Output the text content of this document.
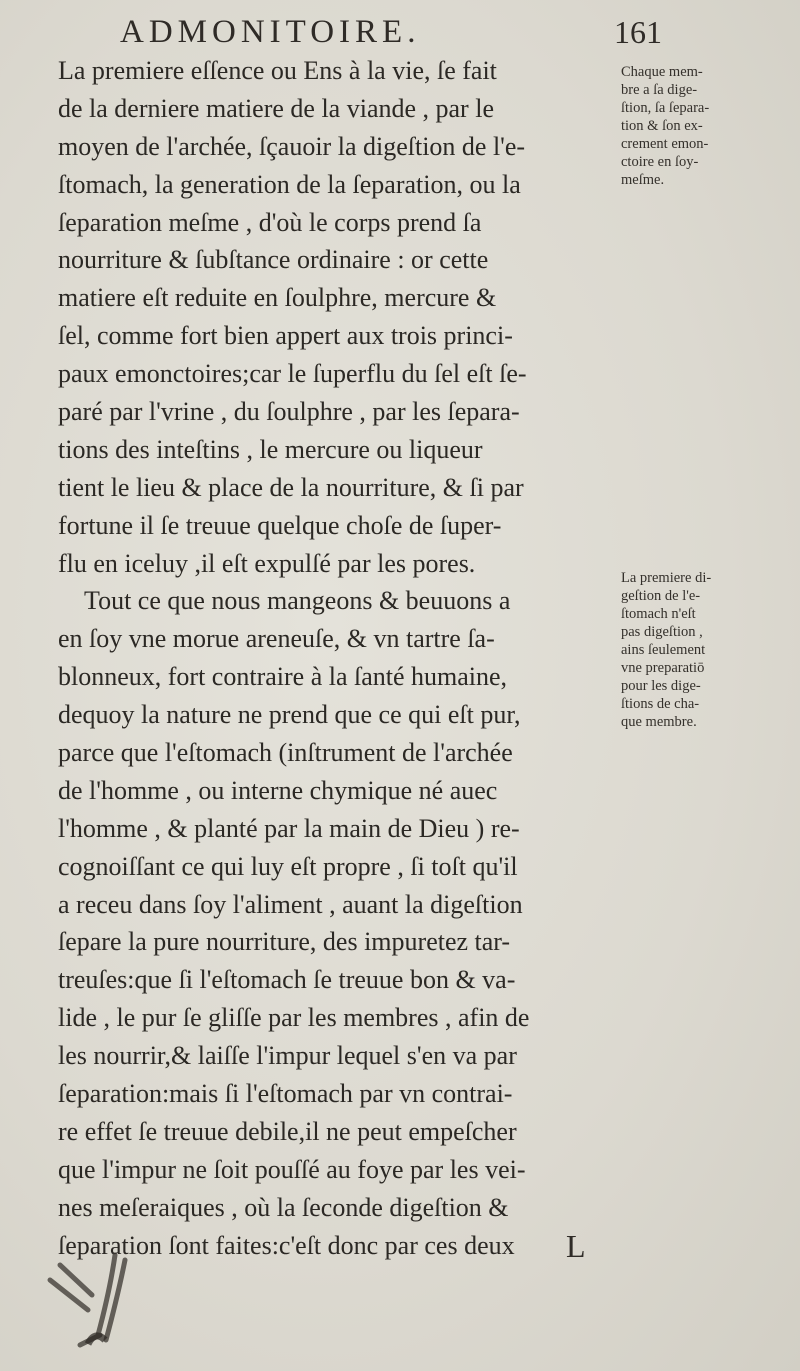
ADMONITOIRE.	161
La premiere eſſence ou Ens à la vie, ſe fait
de la derniere matiere de la viande , par le
moyen de l'archée, ſçauoir la digeſtion de l'e-
ſtomach, la generation de la ſeparation, ou la
ſeparation meſme , d'où le corps prend ſa
nourriture & ſubſtance ordinaire : or cette
matiere eſt reduite en ſoulphre, mercure &
ſel, comme fort bien appert aux trois princi-
paux emonctoires;car le ſuperflu du ſel eſt ſe-
paré par l'vrine , du ſoulphre , par les ſepara-
tions des inteſtins , le mercure ou liqueur
tient le lieu & place de la nourriture, & ſi par
fortune il ſe treuue quelque choſe de ſuper-
flu en iceluy ,il eſt expulſé par les pores.
Tout ce que nous mangeons & beuuons a
en ſoy vne morue areneuſe, & vn tartre ſa-
blonneux, fort contraire à la ſanté humaine,
dequoy la nature ne prend que ce qui eſt pur,
parce que l'eſtomach (inſtrument de l'archée
de l'homme , ou interne chymique né auec
l'homme , & planté par la main de Dieu ) re-
cognoiſſant ce qui luy eſt propre , ſi toſt qu'il
a receu dans ſoy l'aliment , auant la digeſtion
ſepare la pure nourriture, des impuretez tar-
treuſes:que ſi l'eſtomach ſe treuue bon & va-
lide , le pur ſe gliſſe par les membres , afin de
les nourrir,& laiſſe l'impur lequel s'en va par
ſeparation:mais ſi l'eſtomach par vn contrai-
re effet ſe treuue debile,il ne peut empeſcher
que l'impur ne ſoit pouſſé au foye par les vei-
nes meſeraiques , où la ſeconde digeſtion &
ſeparation ſont faites:c'eſt donc par ces deux
Chaque mem-
bre a ſa dige-
ſtion, ſa ſepara-
tion & ſon ex-
crement emon-
ctoire en ſoy-
meſme.
La premiere di-
geſtion de l'e-
ſtomach n'eſt
pas digeſtion ,
ains ſeulement
vne preparatiō
pour les dige-
ſtions de cha-
que membre.
L
